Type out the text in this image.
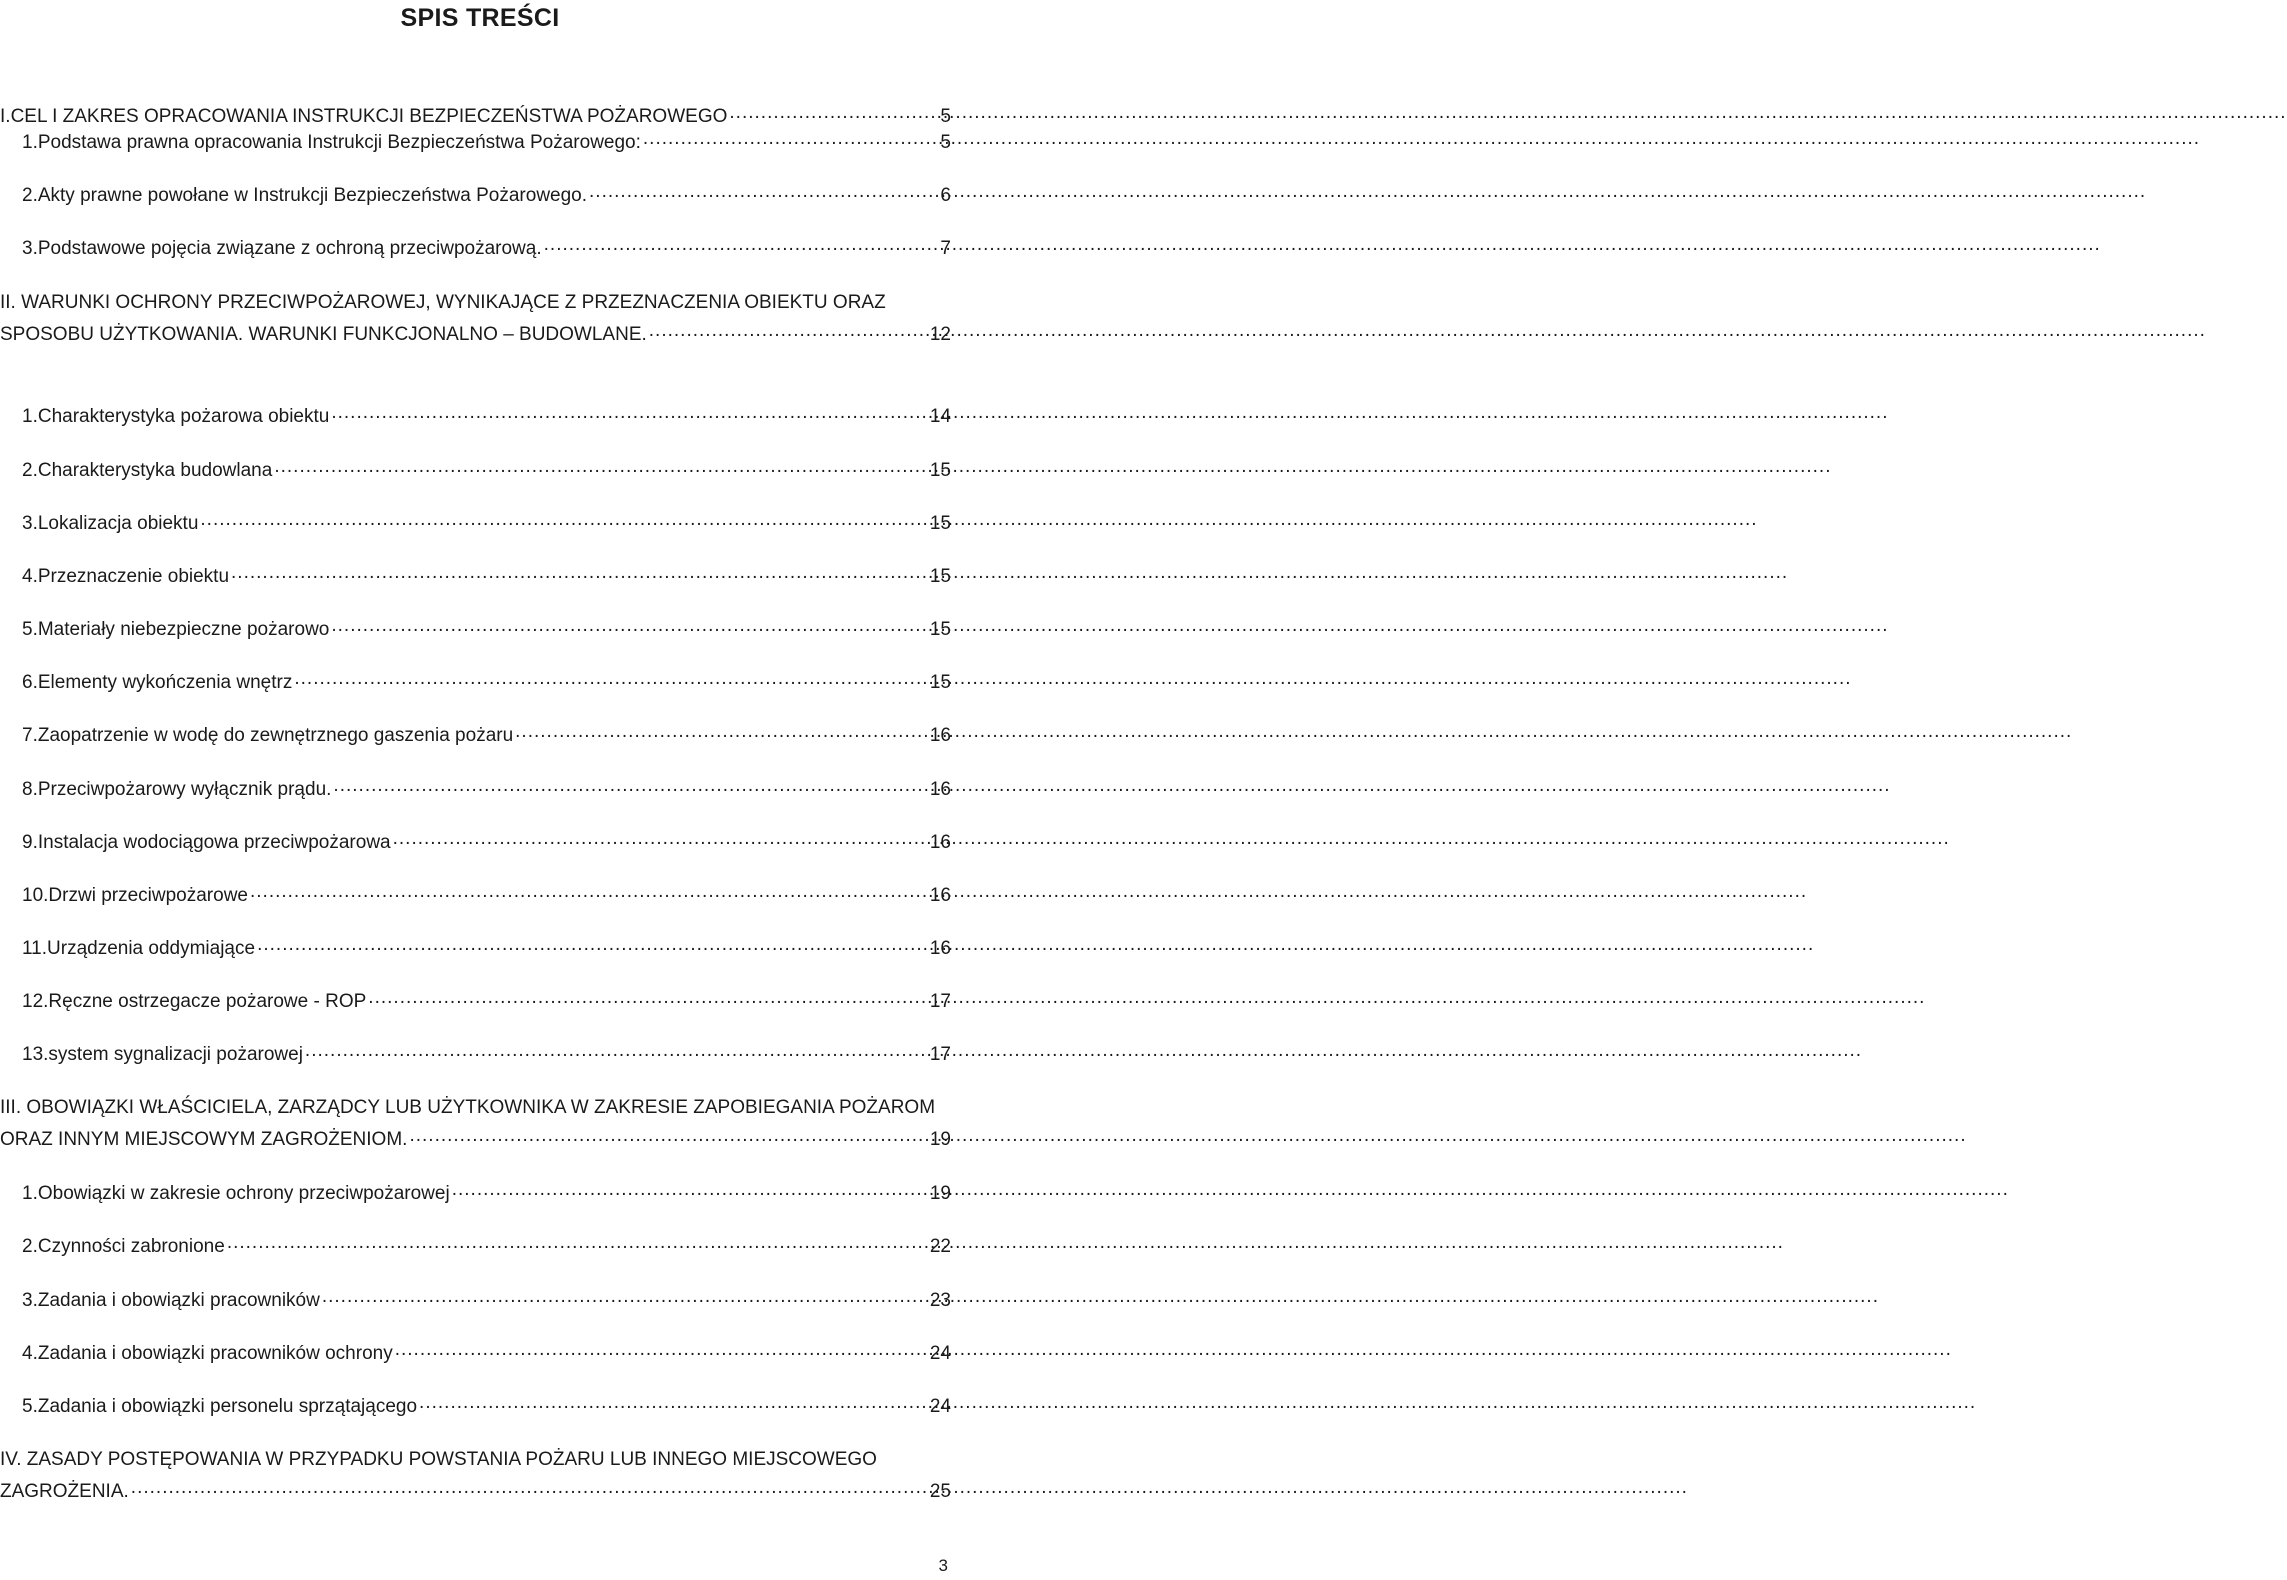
SPIS TREŚCI
I. CEL I ZAKRES OPRACOWANIA INSTRUKCJI BEZPIECZEŃSTWA POŻAROWEGO .....	5
1. Podstawa prawna opracowania Instrukcji Bezpieczeństwa Pożarowego: .....	5
2. Akty prawne powołane w Instrukcji Bezpieczeństwa Pożarowego. .....	6
3. Podstawowe pojęcia związane z ochroną przeciwpożarową. .....	7
II. WARUNKI OCHRONY PRZECIWPOŻAROWEJ, WYNIKAJĄCE Z PRZEZNACZENIA OBIEKTU ORAZ
SPOSOBU UŻYTKOWANIA. WARUNKI FUNKCJONALNO – BUDOWLANE. .....	12
1. Charakterystyka pożarowa obiektu .....	14
2. Charakterystyka budowlana .....	15
3. Lokalizacja obiektu .....	15
4. Przeznaczenie obiektu .....	15
5. Materiały niebezpieczne pożarowo .....	15
6. Elementy wykończenia wnętrz .....	15
7. Zaopatrzenie w wodę do zewnętrznego gaszenia pożaru .....	16
8. Przeciwpożarowy wyłącznik prądu. .....	16
9. Instalacja wodociągowa przeciwpożarowa .....	16
10. Drzwi przeciwpożarowe .....	16
11. Urządzenia oddymiające .....	16
12. Ręczne ostrzegacze pożarowe - ROP .....	17
13. system sygnalizacji pożarowej .....	17
III. OBOWIĄZKI WŁAŚCICIELA, ZARZĄDCY LUB UŻYTKOWNIKA W ZAKRESIE ZAPOBIEGANIA POŻAROM
ORAZ INNYM MIEJSCOWYM ZAGROŻENIOM. .....	19
1. Obowiązki w zakresie ochrony przeciwpożarowej .....	19
2. Czynności zabronione .....	22
3. Zadania i obowiązki pracowników .....	23
4. Zadania i obowiązki pracowników ochrony .....	24
5. Zadania i obowiązki personelu sprzątającego .....	24
IV. ZASADY POSTĘPOWANIA W PRZYPADKU POWSTANIA POŻARU LUB INNEGO MIEJSCOWEGO
ZAGROŻENIA. .....	25
3
